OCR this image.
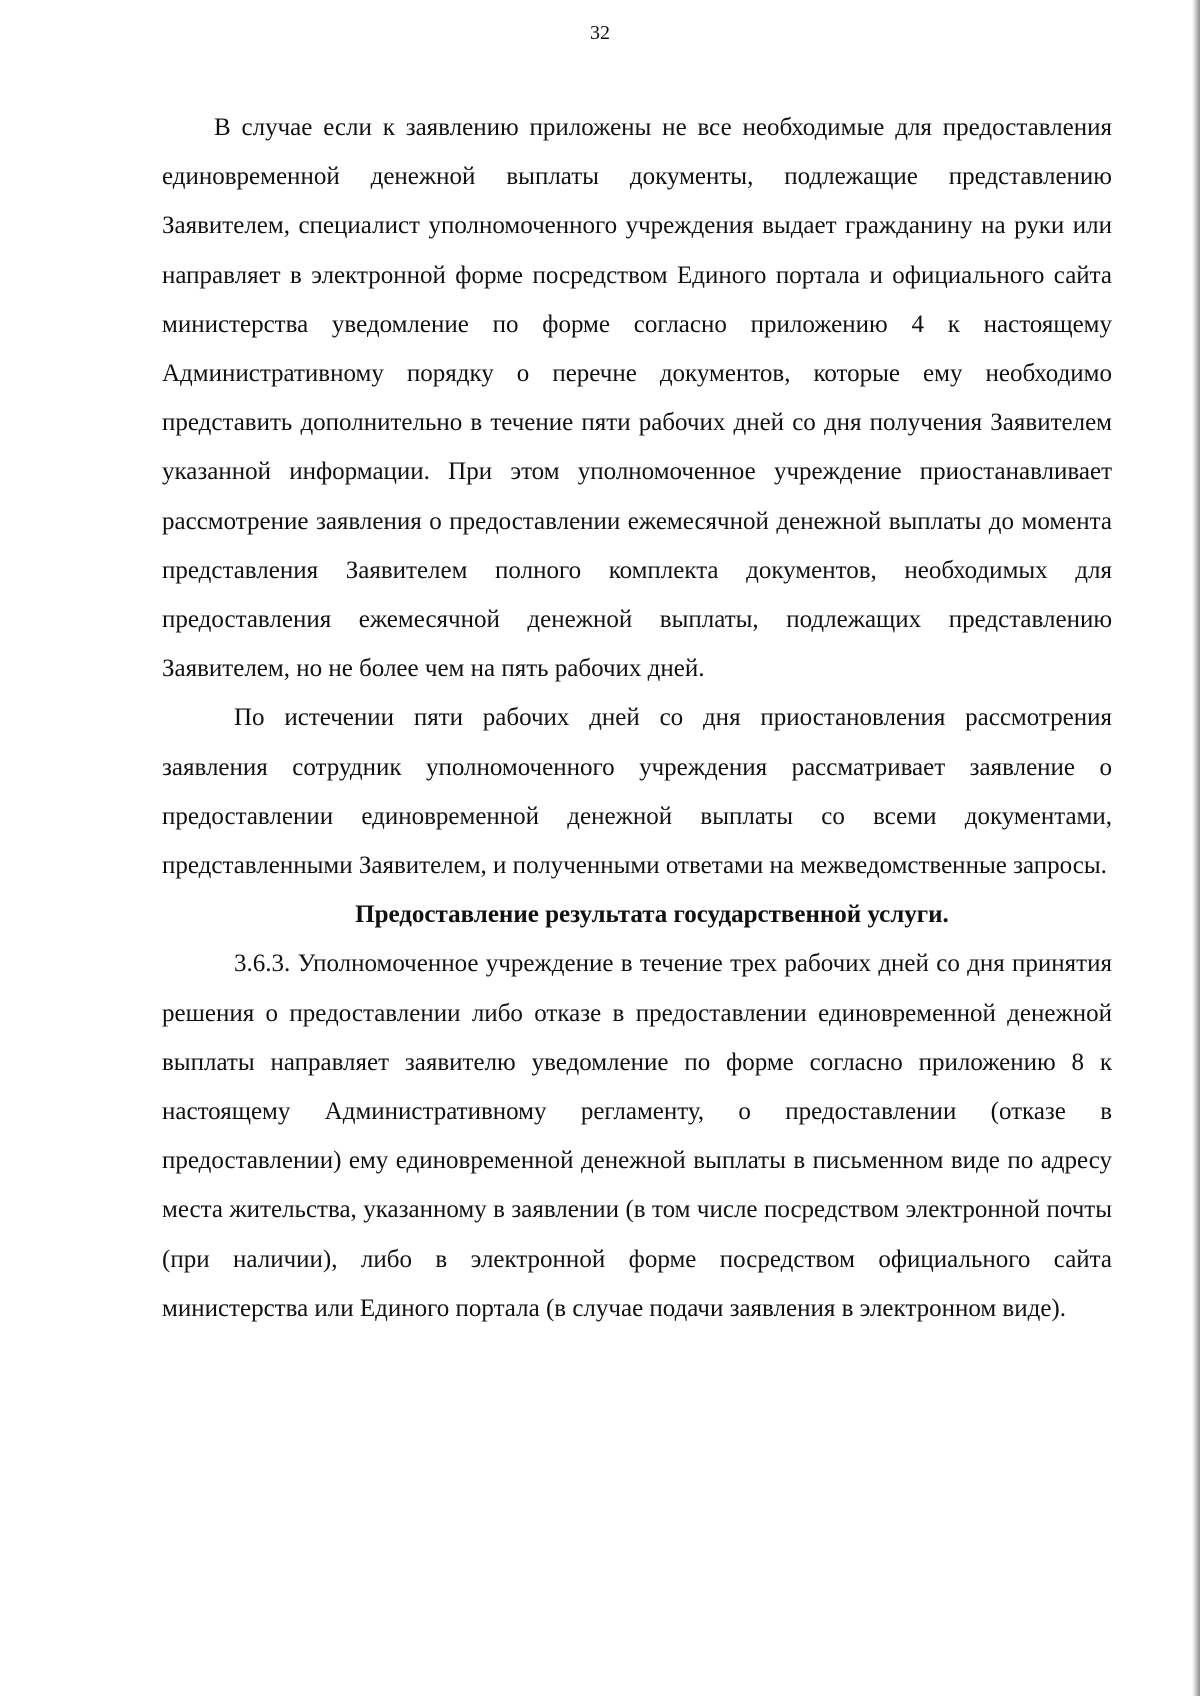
32

В случае если к заявлению приложены не все необходимые для предоставления единовременной денежной выплаты документы, подлежащие представлению Заявителем, специалист уполномоченного учреждения выдает гражданину на руки или направляет в электронной форме посредством Единого портала и официального сайта министерства уведомление по форме согласно приложению 4 к настоящему Административному порядку о перечне документов, которые ему необходимо представить дополнительно в течение пяти рабочих дней со дня получения Заявителем указанной информации. При этом уполномоченное учреждение приостанавливает рассмотрение заявления о предоставлении ежемесячной денежной выплаты до момента представления Заявителем полного комплекта документов, необходимых для предоставления ежемесячной денежной выплаты, подлежащих представлению Заявителем, но не более чем на пять рабочих дней.

По истечении пяти рабочих дней со дня приостановления рассмотрения заявления сотрудник уполномоченного учреждения рассматривает заявление о предоставлении единовременной денежной выплаты со всеми документами, представленными Заявителем, и полученными ответами на межведомственные запросы.

Предоставление результата государственной услуги.

3.6.3. Уполномоченное учреждение в течение трех рабочих дней со дня принятия решения о предоставлении либо отказе в предоставлении единовременной денежной выплаты направляет заявителю уведомление по форме согласно приложению 8 к настоящему Административному регламенту, о предоставлении (отказе в предоставлении) ему единовременной денежной выплаты в письменном виде по адресу места жительства, указанному в заявлении (в том числе посредством электронной почты (при наличии), либо в электронной форме посредством официального сайта министерства или Единого портала (в случае подачи заявления в электронном виде).
